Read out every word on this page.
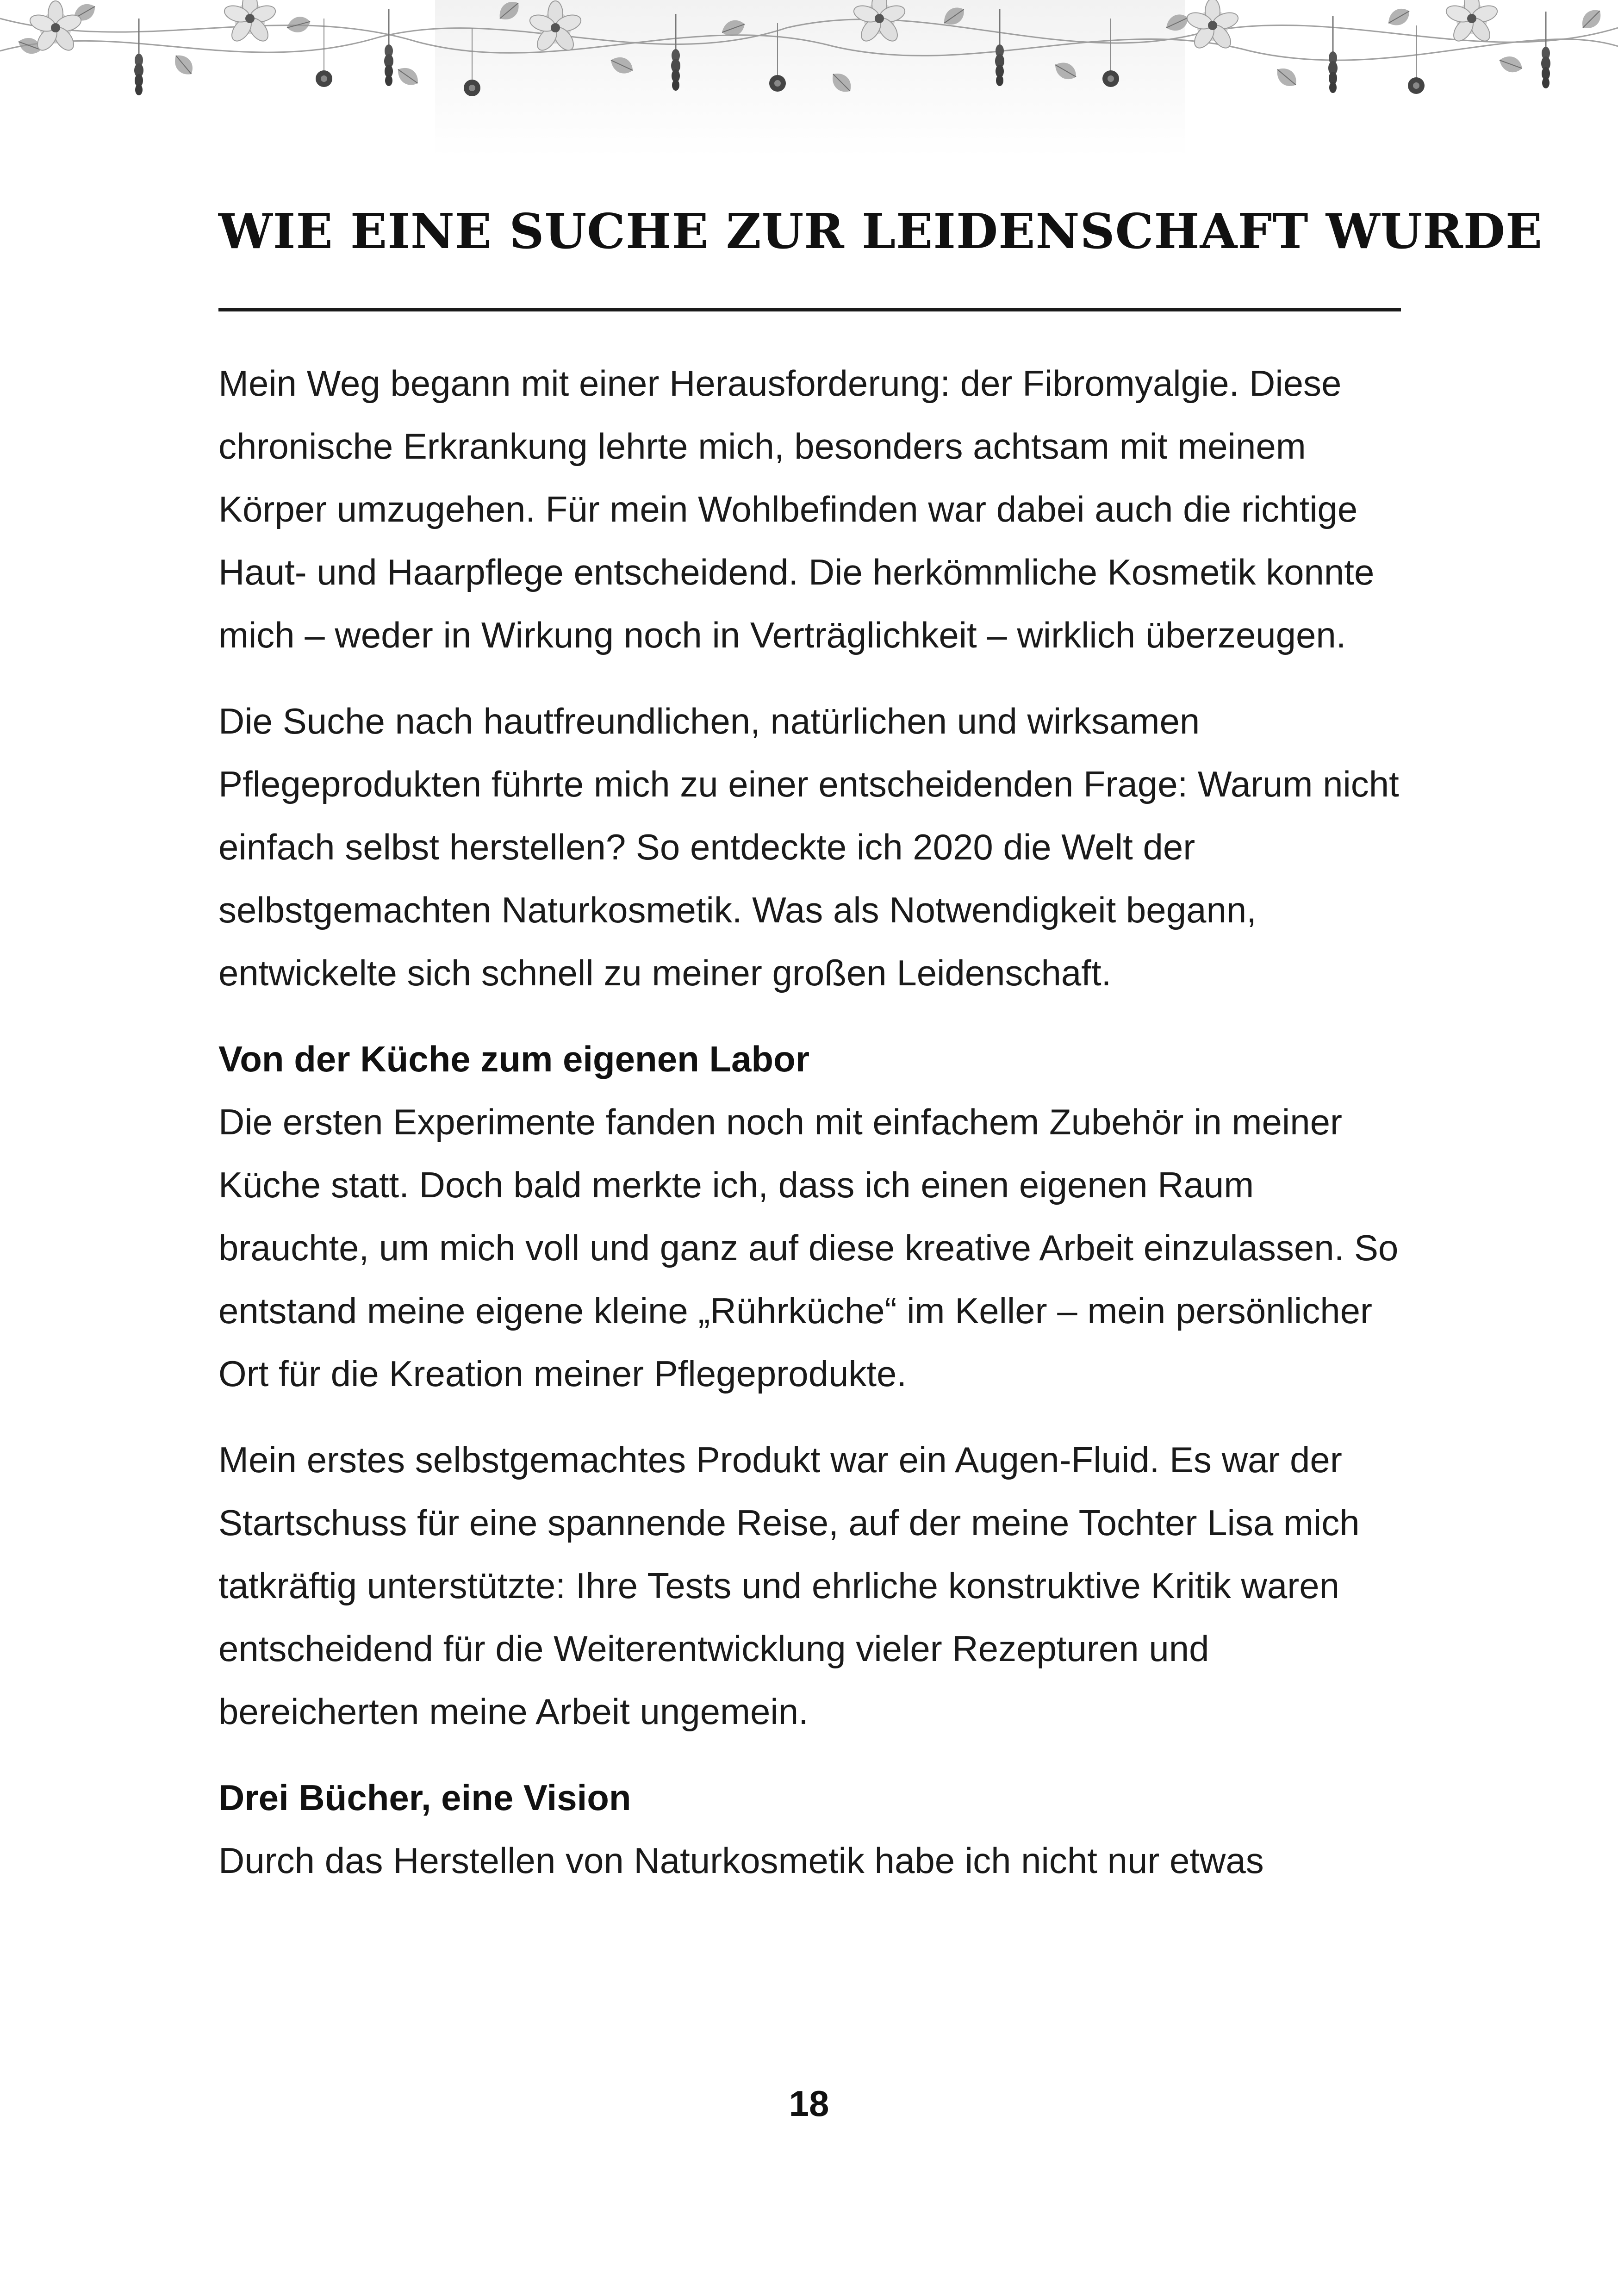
WIE EINE SUCHE ZUR LEIDENSCHAFT WURDE

Mein Weg begann mit einer Herausforderung: der Fibromyalgie. Diese chronische Erkrankung lehrte mich, besonders achtsam mit meinem Körper umzugehen. Für mein Wohlbefinden war dabei auch die richtige Haut- und Haarpflege entscheidend. Die herkömmliche Kosmetik konnte mich – weder in Wirkung noch in Verträglichkeit – wirklich überzeugen.

Die Suche nach hautfreundlichen, natürlichen und wirksamen Pflegeprodukten führte mich zu einer entscheidenden Frage: Warum nicht einfach selbst herstellen? So entdeckte ich 2020 die Welt der selbstgemachten Naturkosmetik. Was als Notwendigkeit begann, entwickelte sich schnell zu meiner großen Leidenschaft.

Von der Küche zum eigenen Labor

Die ersten Experimente fanden noch mit einfachem Zubehör in meiner Küche statt. Doch bald merkte ich, dass ich einen eigenen Raum brauchte, um mich voll und ganz auf diese kreative Arbeit einzulassen. So entstand meine eigene kleine „Rührküche“ im Keller – mein persönlicher Ort für die Kreation meiner Pflegeprodukte.

Mein erstes selbstgemachtes Produkt war ein Augen-Fluid. Es war der Startschuss für eine spannende Reise, auf der meine Tochter Lisa mich tatkräftig unterstützte: Ihre Tests und ehrliche konstruktive Kritik waren entscheidend für die Weiterentwicklung vieler Rezepturen und bereicherten meine Arbeit ungemein.

Drei Bücher, eine Vision

Durch das Herstellen von Naturkosmetik habe ich nicht nur etwas

18
